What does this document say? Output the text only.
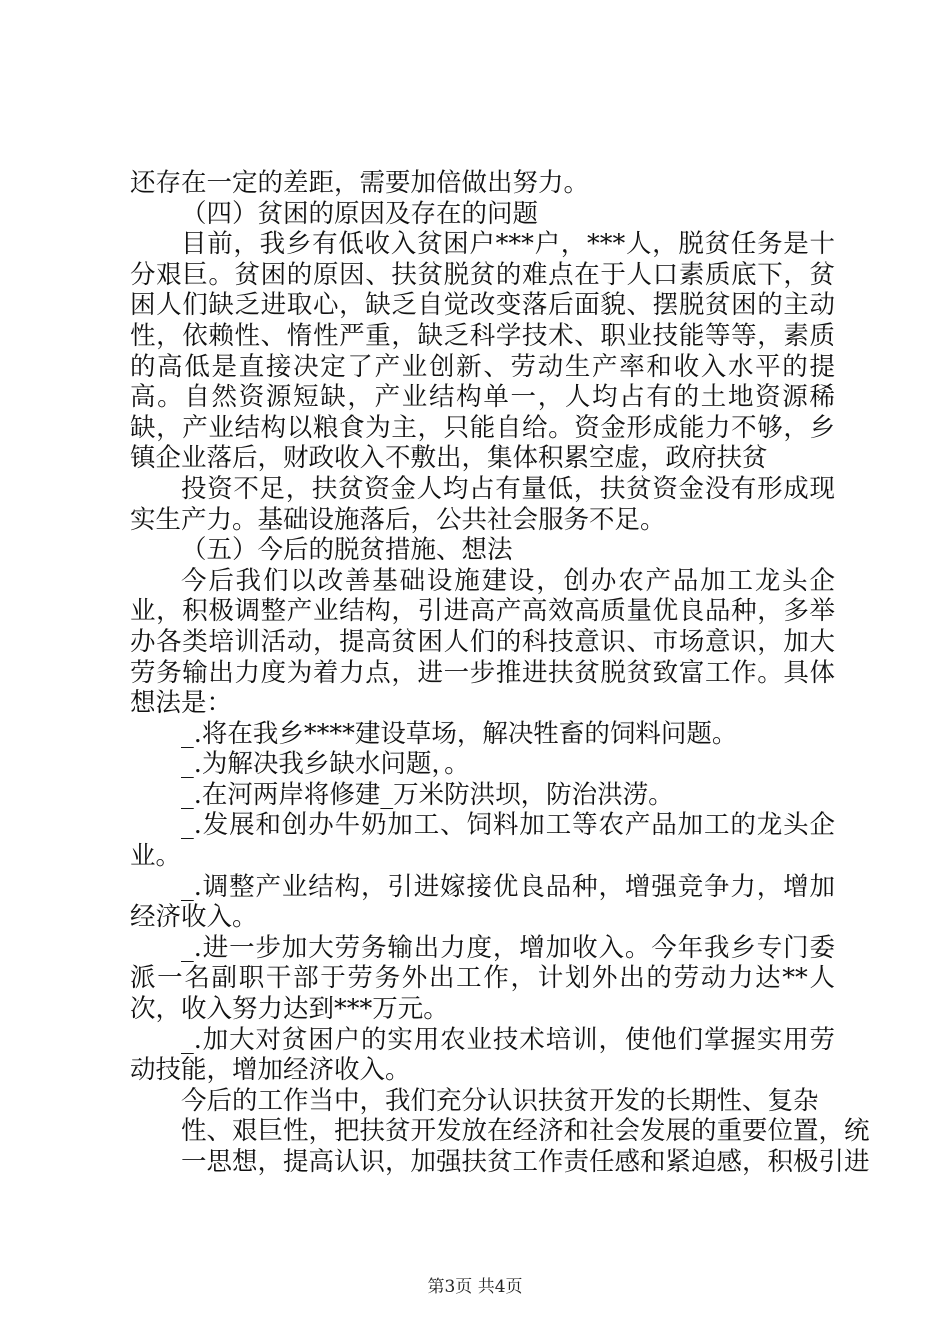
还存在一定的差距，需要加倍做出努力。

（四）贫困的原因及存在的问题

目前，我乡有低收入贫困户***户，***人，脱贫任务是十分艰巨。贫困的原因、扶贫脱贫的难点在于人口素质底下，贫困人们缺乏进取心，缺乏自觉改变落后面貌、摆脱贫困的主动性，依赖性、惰性严重，缺乏科学技术、职业技能等等，素质的高低是直接决定了产业创新、劳动生产率和收入水平的提高。自然资源短缺，产业结构单一，人均占有的土地资源稀缺，产业结构以粮食为主，只能自给。资金形成能力不够，乡镇企业落后，财政收入不敷出，集体积累空虚，政府扶贫

投资不足，扶贫资金人均占有量低，扶贫资金没有形成现实生产力。基础设施落后，公共社会服务不足。

（五）今后的脱贫措施、想法

今后我们以改善基础设施建设，创办农产品加工龙头企业，积极调整产业结构，引进高产高效高质量优良品种，多举办各类培训活动，提高贫困人们的科技意识、市场意识，加大劳务输出力度为着力点，进一步推进扶贫脱贫致富工作。具体想法是：

_.将在我乡****建设草场，解决牲畜的饲料问题。

_.为解决我乡缺水问题，。

_.在河两岸将修建_万米防洪坝，防治洪涝。

_.发展和创办牛奶加工、饲料加工等农产品加工的龙头企业。

_.调整产业结构，引进嫁接优良品种，增强竞争力，增加经济收入。

_.进一步加大劳务输出力度，增加收入。今年我乡专门委派一名副职干部于劳务外出工作，计划外出的劳动力达**人次，收入努力达到***万元。

_.加大对贫困户的实用农业技术培训，使他们掌握实用劳动技能，增加经济收入。

今后的工作当中，我们充分认识扶贫开发的长期性、复杂
性、艰巨性，把扶贫开发放在经济和社会发展的重要位置，统
一思想，提高认识，加强扶贫工作责任感和紧迫感，积极引进

第3页 共4页
